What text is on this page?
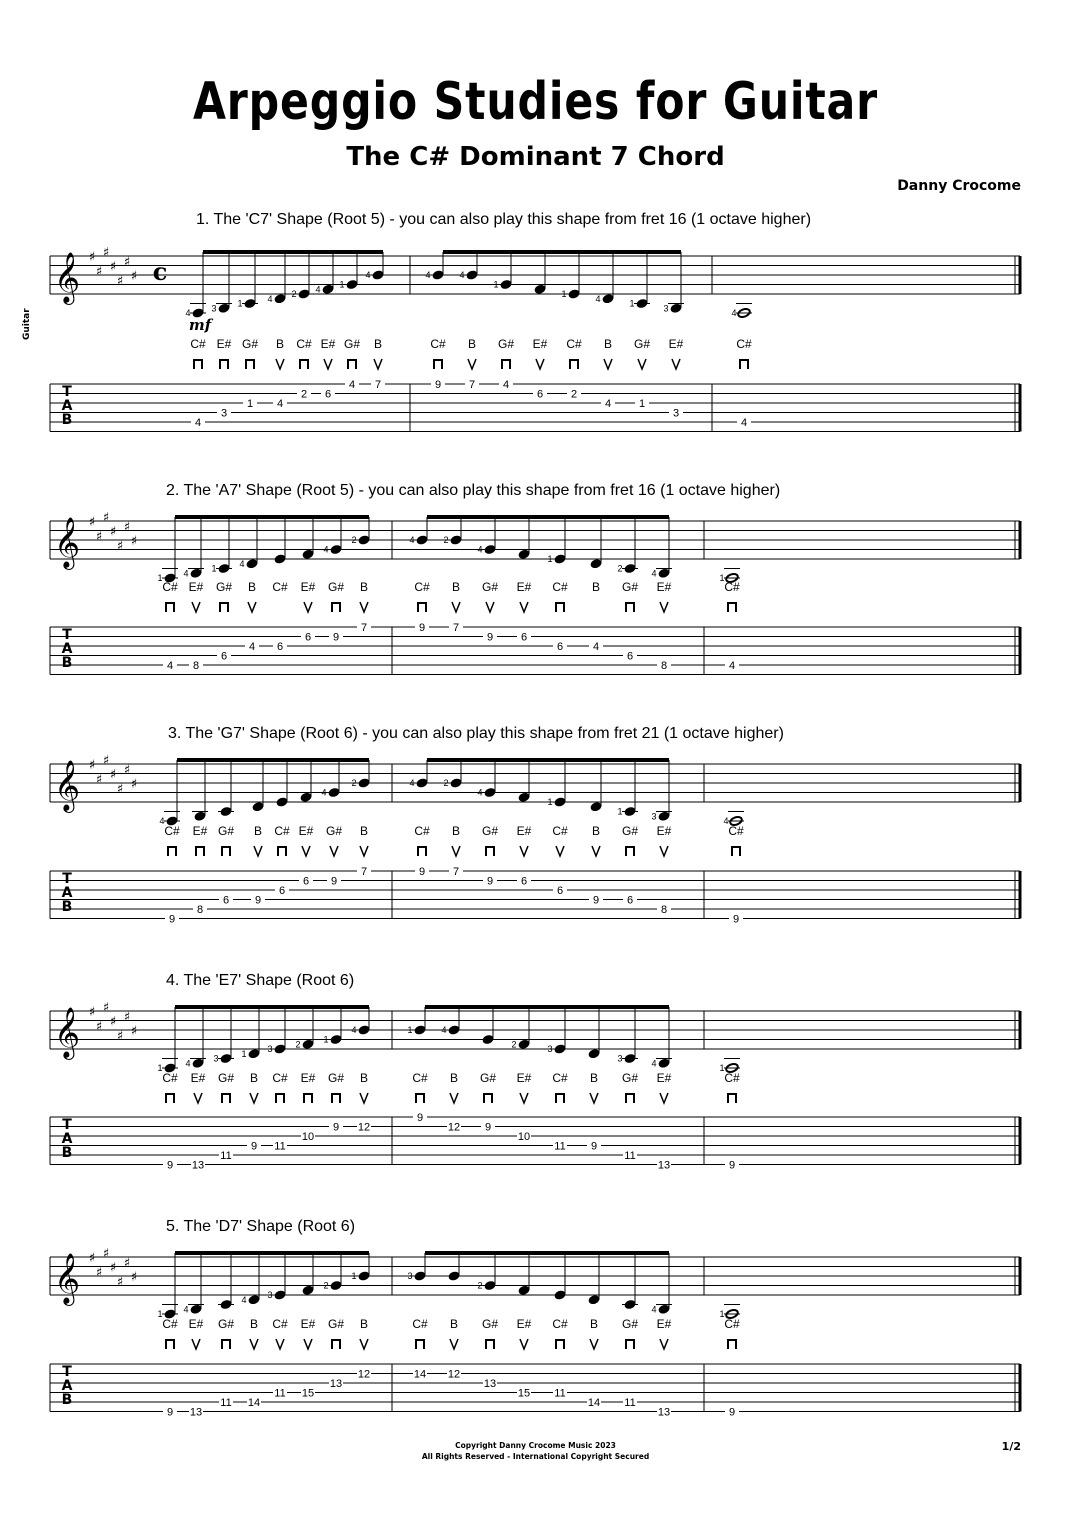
Arpeggio Studies for Guitar
The C# Dominant 7 Chord
Danny Crocome
Guitar
1. The 'C7' Shape (Root 5) - you can also play this shape from fret 16 (1 octave higher)
𝄞 ♯
♯
♯
♯
♯
♯
♯ c
4 3 1	4 2 4 1
4	4	4
1
1	4	1	3	4
mf
C# E# G# B C# E# G# B	C# B G# E# C# B G# E#	C#
T
A
B	4
3
1 4
2 6
4 7	9	7	4
6	2
4	1
3
4
2. The 'A7' Shape (Root 5) - you can also play this shape from fret 16 (1 octave higher)
𝄞 ♯
♯
♯
♯
♯
♯
♯
1 4	1	4
4
2	4	2
4
1
2	4	1
C# E# G# B C# E# G# B	C# B G# E# C# B G# E#	C#
T
A
B	4 8
6
4 6
6 9
7	9	7
9	6
6	4
6
8	4
3. The 'G7' Shape (Root 6) - you can also play this shape from fret 21 (1 octave higher)
𝄞 ♯
♯
♯
♯
♯
♯
♯
4
4
2	4	2
4
1
1	3	4
C# E# G# B C# E# G# B	C# B G# E# C# B G# E#	C#
T
A
B
9
8
6 9
6
6 9
7	9	7
9	6
6
9	6
8
9
4. The 'E7' Shape (Root 6)
𝄞 ♯
♯
♯
♯
♯
♯
♯
1	4	3	1 3	2	1
4	1	4
2	3
3	4	1
C# E# G# B C# E# G# B	C# B G# E# C# B G# E#	C#
T
A
B
9 13
11
9 11
10
9 12
9
12 9
10
11 9
11
13	9
5. The 'D7' Shape (Root 6)
𝄞 ♯
♯
♯
♯
♯
♯
♯
1 4
4 3
2
1	3
2
4	1
C# E# G# B C# E# G# B	C# B G# E# C# B G# E#	C#
T
A
B
9 13
11 14
11 15
13
12	14 12
13
15 11
14 11
13	9
Copyright Danny Crocome Music 2023
All Rights Reserved - International Copyright Secured
1/2
